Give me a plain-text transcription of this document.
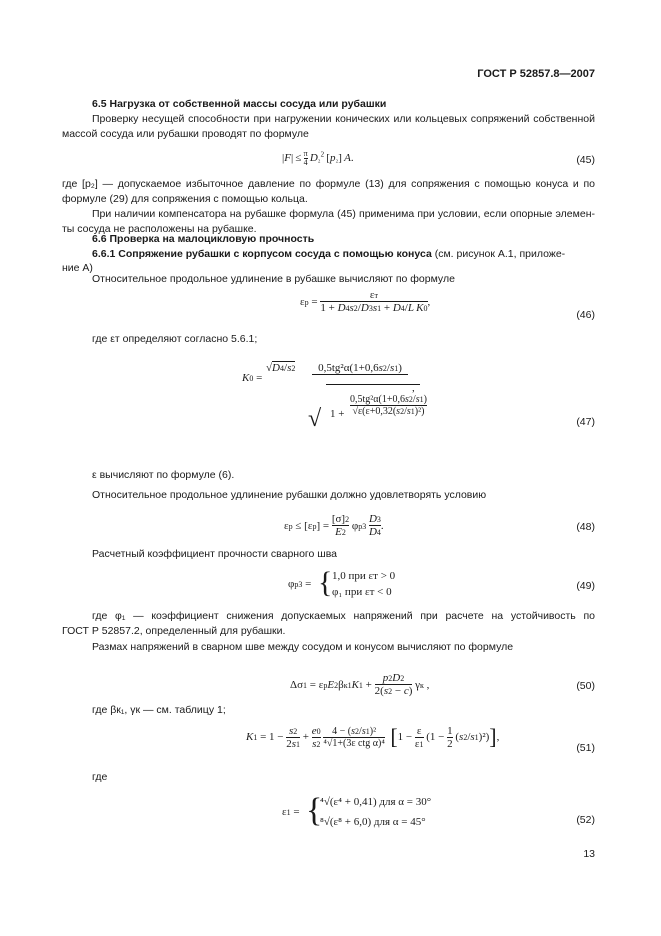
ГОСТ Р 52857.8—2007
6.5 Нагрузка от собственной массы сосуда или рубашки
Проверку несущей способности при нагружении конических или кольцевых сопряжений собственной
массой сосуда или рубашки проводят по формуле
|F| ≤  π
4  D₂$^2$ [p₂] A.	(45)
где [p₂] — допускаемое избыточное давление по формуле (13) для сопряжения с помощью конуса и по
формуле (29) для сопряжения с помощью кольца.
При наличии компенсатора на рубашке формула (45) применима при условии, если опорные элемен-
ты сосуда не расположены на рубашке.
6.6 Проверка на малоцикловую прочность
6.6.1 Сопряжение рубашки с корпусом сосуда с помощью конуса (см. рисунок А.1, приложе-
ние А)
Относительное продольное удлинение в рубашке вычисляют по формуле
εp =
εт
1 + D4s2/D3s1 + D4/L  K0
,
(46)
где εт определяют согласно 5.6.1;
K0 =
√D4/s2	0,5tg²α(1+0,6s2/s1)
√ 1 +
0,5tg²α(1+0,6s2/s1)
√ε(ε+0,32(s2/s1)²)
,
(47)
ε вычисляют по формуле (6).
Относительное продольное удлинение рубашки должно удовлетворять условию
εp ≤ [εp] =
[σ]2
E2
φp3
D3
D4
.	(48)
Расчетный коэффициент прочности сварного шва
φp3 = { 1,0 при εт > 0
φ₁ при εт < 0	(49)
где φ₁ — коэффициент снижения допускаемых напряжений при расчете на устойчивость по
ГОСТ Р 52857.2, определенный для рубашки.
Размах напряжений в сварном шве между сосудом и конусом вычисляют по формуле
Δσ1 = εpE2βк1K1 +
p2D2
2(s2 − c)
γк ,	(50)
где βк₁, γк — см. таблицу 1;
K1 = 1 −
s2
2s1
+
e0
s2

4 − (s2/s1)²
⁴√1+(3ε ctg α)⁴ [ 1 −
ε
ε1
(1 −
1
2
(s2/s1)²) ] ,
(51)
где
ε1 = {
⁴√(ε⁴ + 0,41) для α = 30°
⁸√(ε⁸ + 6,0) для α = 45°	(52)
13
